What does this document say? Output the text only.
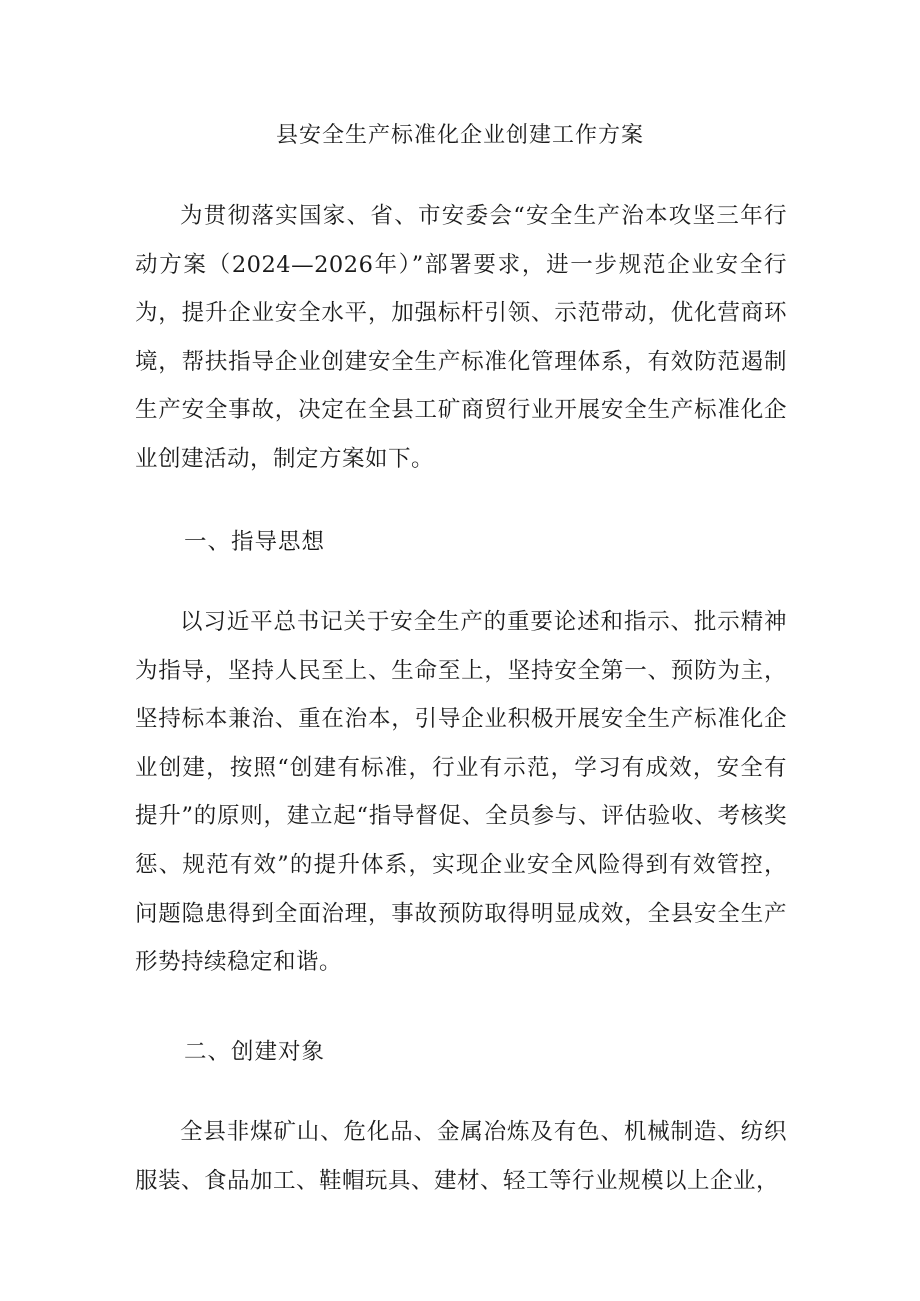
县安全生产标准化企业创建工作方案
为贯彻落实国家、省、市安委会“安全生产治本攻坚三年行动方案（2024—2026年）”部署要求，进一步规范企业安全行为，提升企业安全水平，加强标杆引领、示范带动，优化营商环境，帮扶指导企业创建安全生产标准化管理体系，有效防范遏制生产安全事故，决定在全县工矿商贸行业开展安全生产标准化企业创建活动，制定方案如下。
一、指导思想
以习近平总书记关于安全生产的重要论述和指示、批示精神为指导，坚持人民至上、生命至上，坚持安全第一、预防为主，坚持标本兼治、重在治本，引导企业积极开展安全生产标准化企业创建，按照“创建有标准，行业有示范，学习有成效，安全有提升”的原则，建立起“指导督促、全员参与、评估验收、考核奖惩、规范有效”的提升体系，实现企业安全风险得到有效管控，问题隐患得到全面治理，事故预防取得明显成效，全县安全生产形势持续稳定和谐。
二、创建对象
全县非煤矿山、危化品、金属冶炼及有色、机械制造、纺织服装、食品加工、鞋帽玩具、建材、轻工等行业规模以上企业，
